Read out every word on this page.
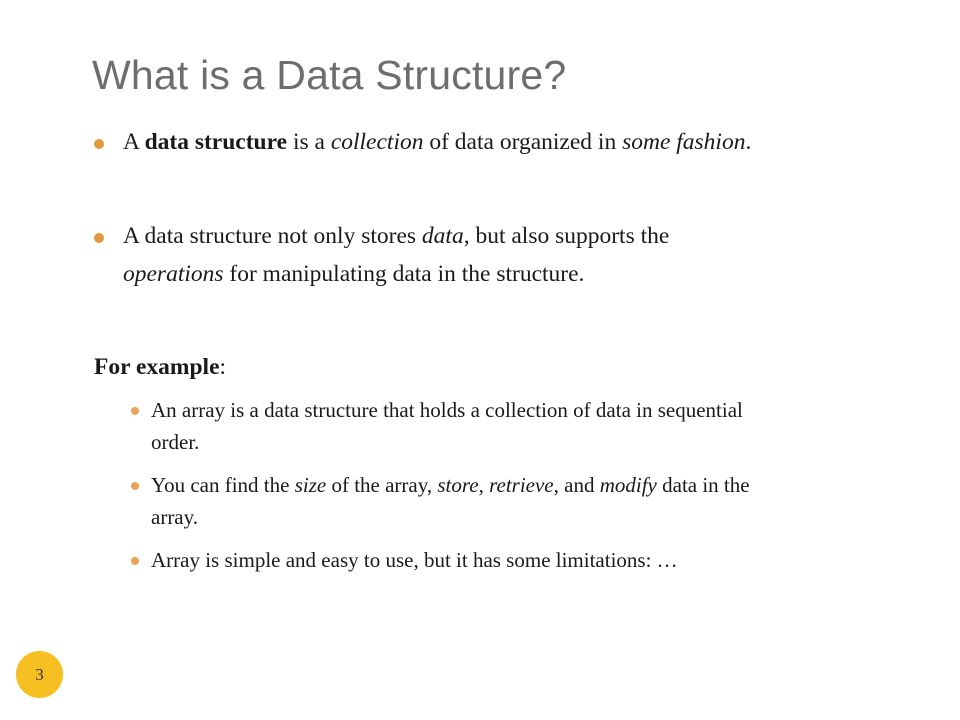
What is a Data Structure?
A data structure is a collection of data organized in some fashion.
A data structure not only stores data, but also supports the
operations for manipulating data in the structure.
For example:
An array is a data structure that holds a collection of data in sequential
order.
You can find the size of the array, store, retrieve, and modify data in the
array.
Array is simple and easy to use, but it has some limitations: …
3
